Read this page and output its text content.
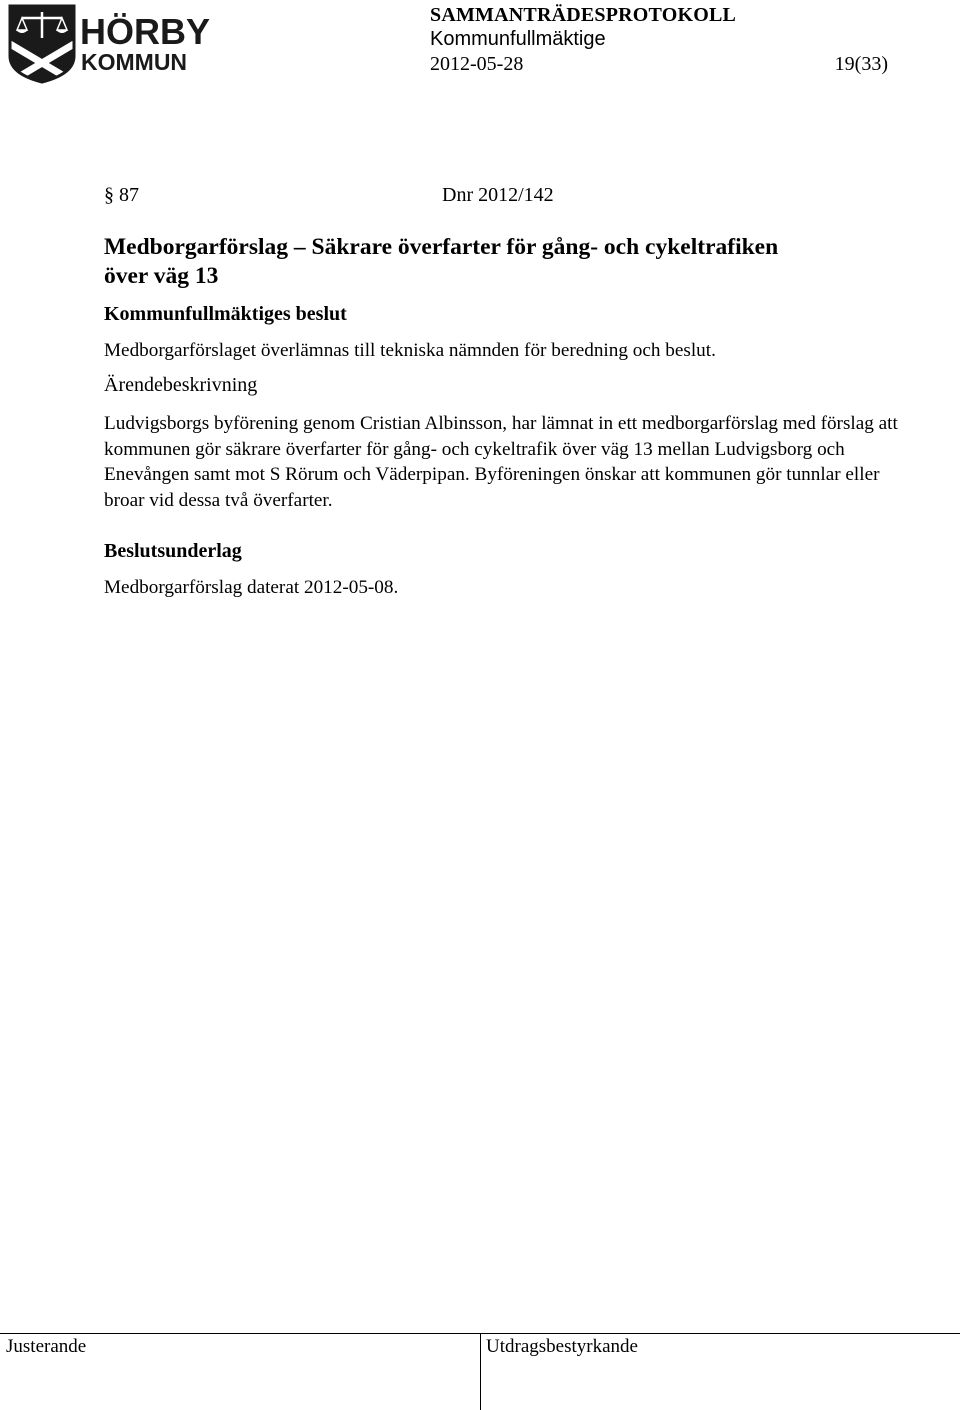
HÖRBY
KOMMUN
SAMMANTRÄDESPROTOKOLL
Kommunfullmäktige
2012-05-28	19(33)
§ 87	Dnr 2012/142
Medborgarförslag – Säkrare överfarter för gång- och cykeltrafiken
över väg 13
Kommunfullmäktiges beslut
Medborgarförslaget överlämnas till tekniska nämnden för beredning och beslut.
Ärendebeskrivning
Ludvigsborgs byförening genom Cristian Albinsson, har lämnat in ett medborgarförslag med förslag att kommunen gör säkrare överfarter för gång- och cykeltrafik över väg 13 mellan Ludvigsborg och Enevången samt mot S Rörum och Väderpipan. Byföreningen önskar att kommunen gör tunnlar eller broar vid dessa två överfarter.
Beslutsunderlag
Medborgarförslag daterat 2012-05-08.
Justerande	Utdragsbestyrkande
